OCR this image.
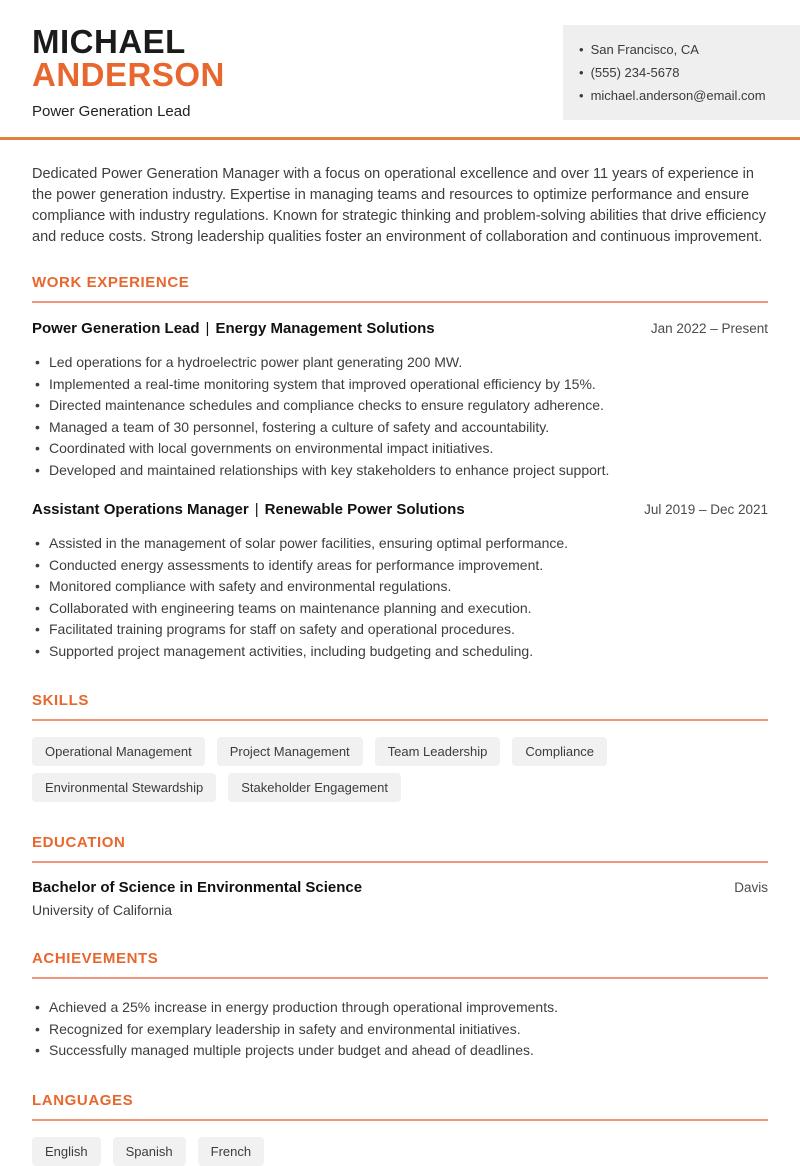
MICHAEL
ANDERSON
Power Generation Lead
• San Francisco, CA
• (555) 234-5678
• michael.anderson@email.com

Dedicated Power Generation Manager with a focus on operational excellence and over 11 years of experience in the power generation industry. Expertise in managing teams and resources to optimize performance and ensure compliance with industry regulations. Known for strategic thinking and problem-solving abilities that drive efficiency and reduce costs. Strong leadership qualities foster an environment of collaboration and continuous improvement.

WORK EXPERIENCE
Power Generation Lead | Energy Management Solutions	Jan 2022 – Present
• Led operations for a hydroelectric power plant generating 200 MW.
• Implemented a real-time monitoring system that improved operational efficiency by 15%.
• Directed maintenance schedules and compliance checks to ensure regulatory adherence.
• Managed a team of 30 personnel, fostering a culture of safety and accountability.
• Coordinated with local governments on environmental impact initiatives.
• Developed and maintained relationships with key stakeholders to enhance project support.
Assistant Operations Manager | Renewable Power Solutions	Jul 2019 – Dec 2021
• Assisted in the management of solar power facilities, ensuring optimal performance.
• Conducted energy assessments to identify areas for performance improvement.
• Monitored compliance with safety and environmental regulations.
• Collaborated with engineering teams on maintenance planning and execution.
• Facilitated training programs for staff on safety and operational procedures.
• Supported project management activities, including budgeting and scheduling.
SKILLS
Operational Management	Project Management	Team Leadership	Compliance
Environmental Stewardship	Stakeholder Engagement
EDUCATION
Bachelor of Science in Environmental Science	Davis
University of California
ACHIEVEMENTS
• Achieved a 25% increase in energy production through operational improvements.
• Recognized for exemplary leadership in safety and environmental initiatives.
• Successfully managed multiple projects under budget and ahead of deadlines.
LANGUAGES
English	Spanish	French
